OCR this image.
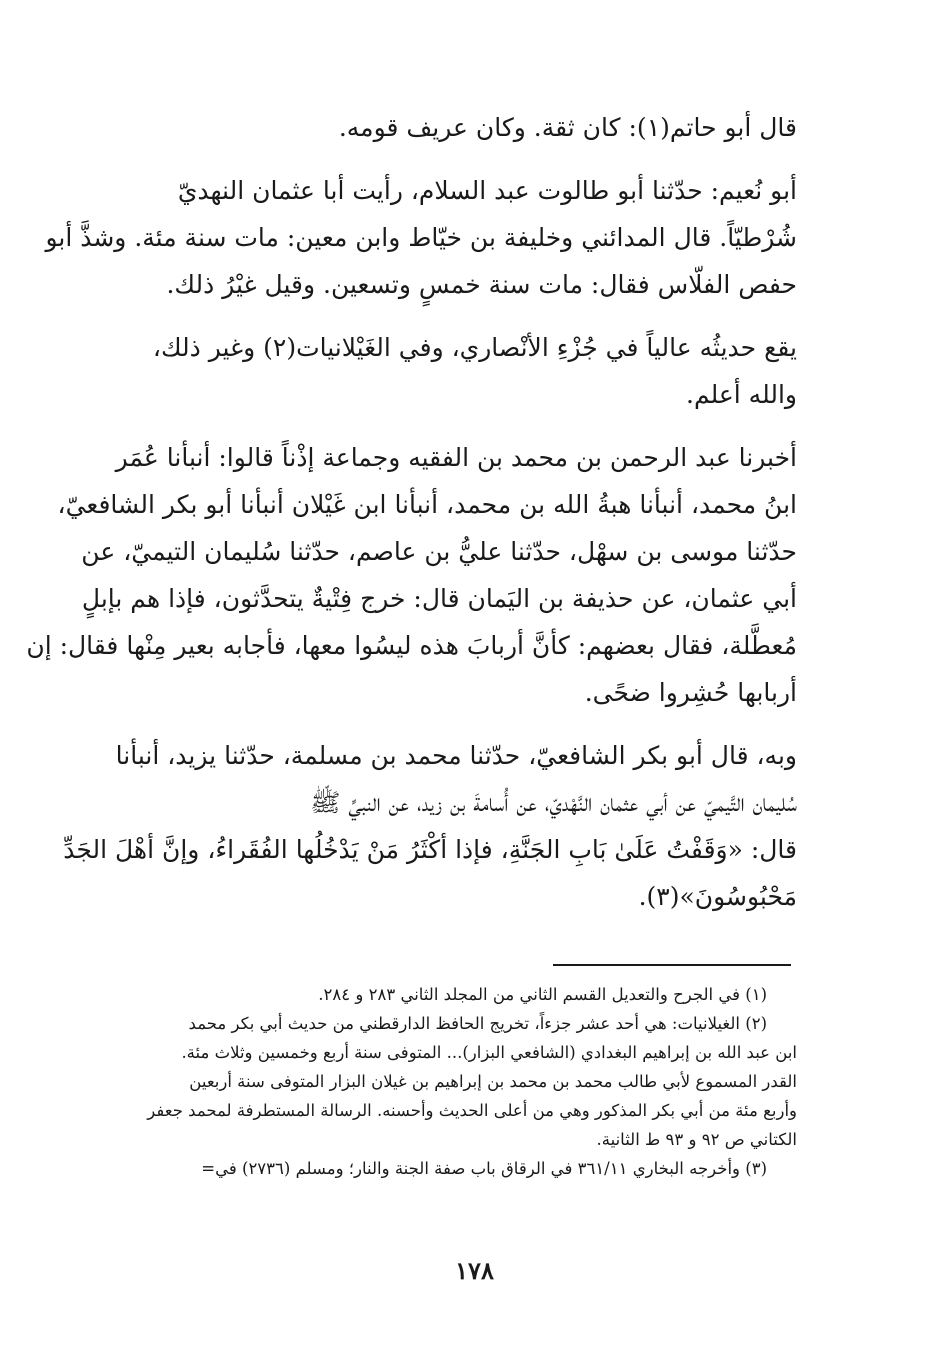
قال أبو حاتم(١): كان ثقة. وكان عريف قومه.

أبو نُعيم: حدّثنا أبو طالوت عبد السلام، رأيت أبا عثمان النهديّ
شُرْطيّاً. قال المدائني وخليفة بن خيّاط وابن معين: مات سنة مئة. وشذَّ أبو
حفص الفلّاس فقال: مات سنة خمسٍ وتسعين. وقيل غيْرُ ذلك.

يقع حديثُه عالياً في جُزْءِ الأنْصاري، وفي الغَيْلانيات(٢) وغير ذلك،
والله أعلم.

أخبرنا عبد الرحمن بن محمد بن الفقيه وجماعة إذْناً قالوا: أنبأنا عُمَر
ابنُ محمد، أنبأنا هبةُ الله بن محمد، أنبأنا ابن غَيْلان أنبأنا أبو بكر الشافعيّ،
حدّثنا موسى بن سهْل، حدّثنا عليُّ بن عاصم، حدّثنا سُليمان التيميّ، عن
أبي عثمان، عن حذيفة بن اليَمان قال: خرج فِتْيةٌ يتحدَّثون، فإذا هم بإبلٍ
مُعطَّلة، فقال بعضهم: كأنَّ أربابَ هذه ليسُوا معها، فأجابه بعير مِنْها فقال: إن
أربابها حُشِروا ضحًى.

وبه، قال أبو بكر الشافعيّ، حدّثنا محمد بن مسلمة، حدّثنا يزيد، أنبأنا
سُليمان التَّيميّ عن أبي عثمان النَّهْديّ، عن أُسامةَ بن زيد، عن النبيِّ ﷺ
قال: «وَقَفْتُ عَلَىٰ بَابِ الجَنَّةِ، فإذا أكْثَرُ مَنْ يَدْخُلُها الفُقَراءُ، وإنَّ أهْلَ الجَدِّ
مَحْبُوسُونَ»(٣).

(١) في الجرح والتعديل القسم الثاني من المجلد الثاني ٢٨٣ و ٢٨٤.
(٢) الغيلانيات: هي أحد عشر جزءاً، تخريج الحافظ الدارقطني من حديث أبي بكر محمد
ابن عبد الله بن إبراهيم البغدادي (الشافعي البزار)... المتوفى سنة أربع وخمسين وثلاث مئة.
القدر المسموع لأبي طالب محمد بن محمد بن إبراهيم بن غيلان البزار المتوفى سنة أربعين
وأربع مئة من أبي بكر المذكور وهي من أعلى الحديث وأحسنه. الرسالة المستطرفة لمحمد جعفر
الكتاني ص ٩٢ و ٩٣ ط الثانية.
(٣) وأخرجه البخاري ٣٦١/١١ في الرقاق باب صفة الجنة والنار؛ ومسلم (٢٧٣٦) في=
١٧٨
